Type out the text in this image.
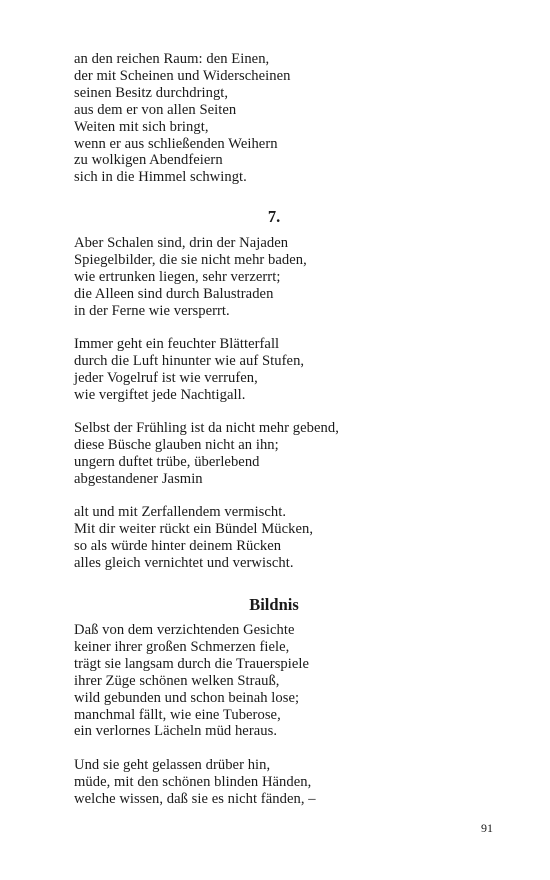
an den reichen Raum: den Einen,
der mit Scheinen und Widerscheinen
seinen Besitz durchdringt,
aus dem er von allen Seiten
Weiten mit sich bringt,
wenn er aus schließenden Weihern
zu wolkigen Abendfeiern
sich in die Himmel schwingt.
7.
Aber Schalen sind, drin der Najaden
Spiegelbilder, die sie nicht mehr baden,
wie ertrunken liegen, sehr verzerrt;
die Alleen sind durch Balustraden
in der Ferne wie versperrt.
Immer geht ein feuchter Blätterfall
durch die Luft hinunter wie auf Stufen,
jeder Vogelruf ist wie verrufen,
wie vergiftet jede Nachtigall.
Selbst der Frühling ist da nicht mehr gebend,
diese Büsche glauben nicht an ihn;
ungern duftet trübe, überlebend
abgestandener Jasmin
alt und mit Zerfallendem vermischt.
Mit dir weiter rückt ein Bündel Mücken,
so als würde hinter deinem Rücken
alles gleich vernichtet und verwischt.
Bildnis
Daß von dem verzichtenden Gesichte
keiner ihrer großen Schmerzen fiele,
trägt sie langsam durch die Trauerspiele
ihrer Züge schönen welken Strauß,
wild gebunden und schon beinah lose;
manchmal fällt, wie eine Tuberose,
ein verlornes Lächeln müd heraus.
Und sie geht gelassen drüber hin,
müde, mit den schönen blinden Händen,
welche wissen, daß sie es nicht fänden, –
91
